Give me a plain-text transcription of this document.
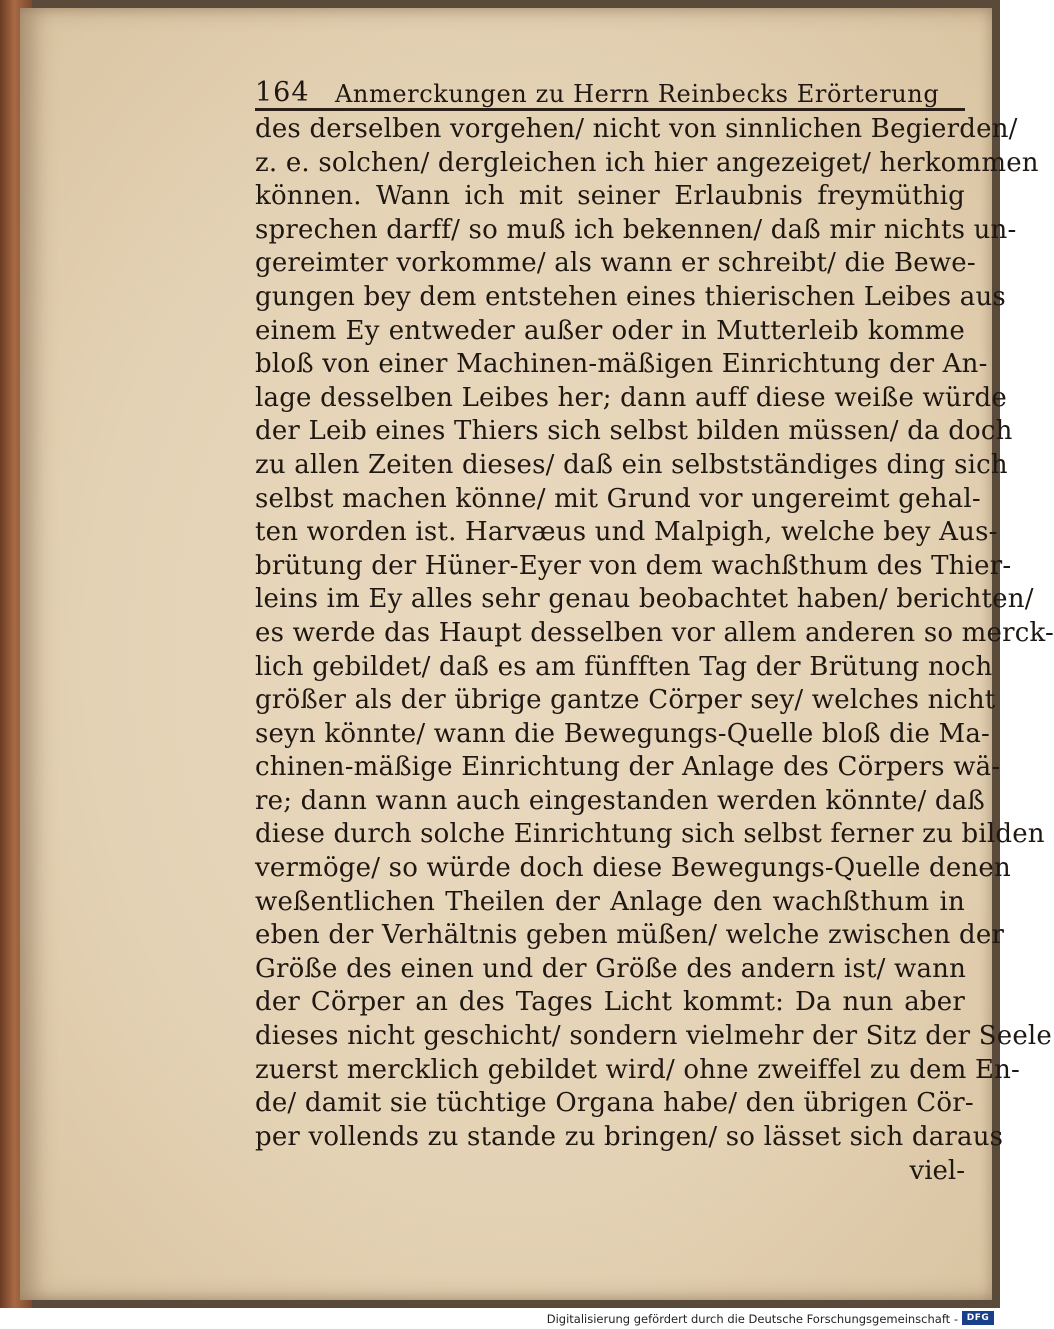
164	Anmerckungen zu Herrn Reinbecks Erörterung
des derselben vorgehen/ nicht von sinnlichen Begierden/
z. e. solchen/ dergleichen ich hier angezeiget/ herkommen
können. Wann ich mit seiner Erlaubnis freymüthig
sprechen darff/ so muß ich bekennen/ daß mir nichts un-
gereimter vorkomme/ als wann er schreibt/ die Bewe-
gungen bey dem entstehen eines thierischen Leibes aus
einem Ey entweder außer oder in Mutterleib komme
bloß von einer Machinen-mäßigen Einrichtung der An-
lage desselben Leibes her; dann auff diese weiße würde
der Leib eines Thiers sich selbst bilden müssen/ da doch
zu allen Zeiten dieses/ daß ein selbstständiges ding sich
selbst machen könne/ mit Grund vor ungereimt gehal-
ten worden ist. Harvæus und Malpigh, welche bey Aus-
brütung der Hüner-Eyer von dem wachßthum des Thier-
leins im Ey alles sehr genau beobachtet haben/ berichten/
es werde das Haupt desselben vor allem anderen so merck-
lich gebildet/ daß es am fünfften Tag der Brütung noch
größer als der übrige gantze Cörper sey/ welches nicht
seyn könnte/ wann die Bewegungs-Quelle bloß die Ma-
chinen-mäßige Einrichtung der Anlage des Cörpers wä-
re; dann wann auch eingestanden werden könnte/ daß
diese durch solche Einrichtung sich selbst ferner zu bilden
vermöge/ so würde doch diese Bewegungs-Quelle denen
weßentlichen Theilen der Anlage den wachßthum in
eben der Verhältnis geben müßen/ welche zwischen der
Größe des einen und der Größe des andern ist/ wann
der Cörper an des Tages Licht kommt: Da nun aber
dieses nicht geschicht/ sondern vielmehr der Sitz der Seele
zuerst mercklich gebildet wird/ ohne zweiffel zu dem En-
de/ damit sie tüchtige Organa habe/ den übrigen Cör-
per vollends zu stande zu bringen/ so lässet sich daraus
viel-
Digitalisierung gefördert durch die Deutsche Forschungsgemeinschaft - DFG
